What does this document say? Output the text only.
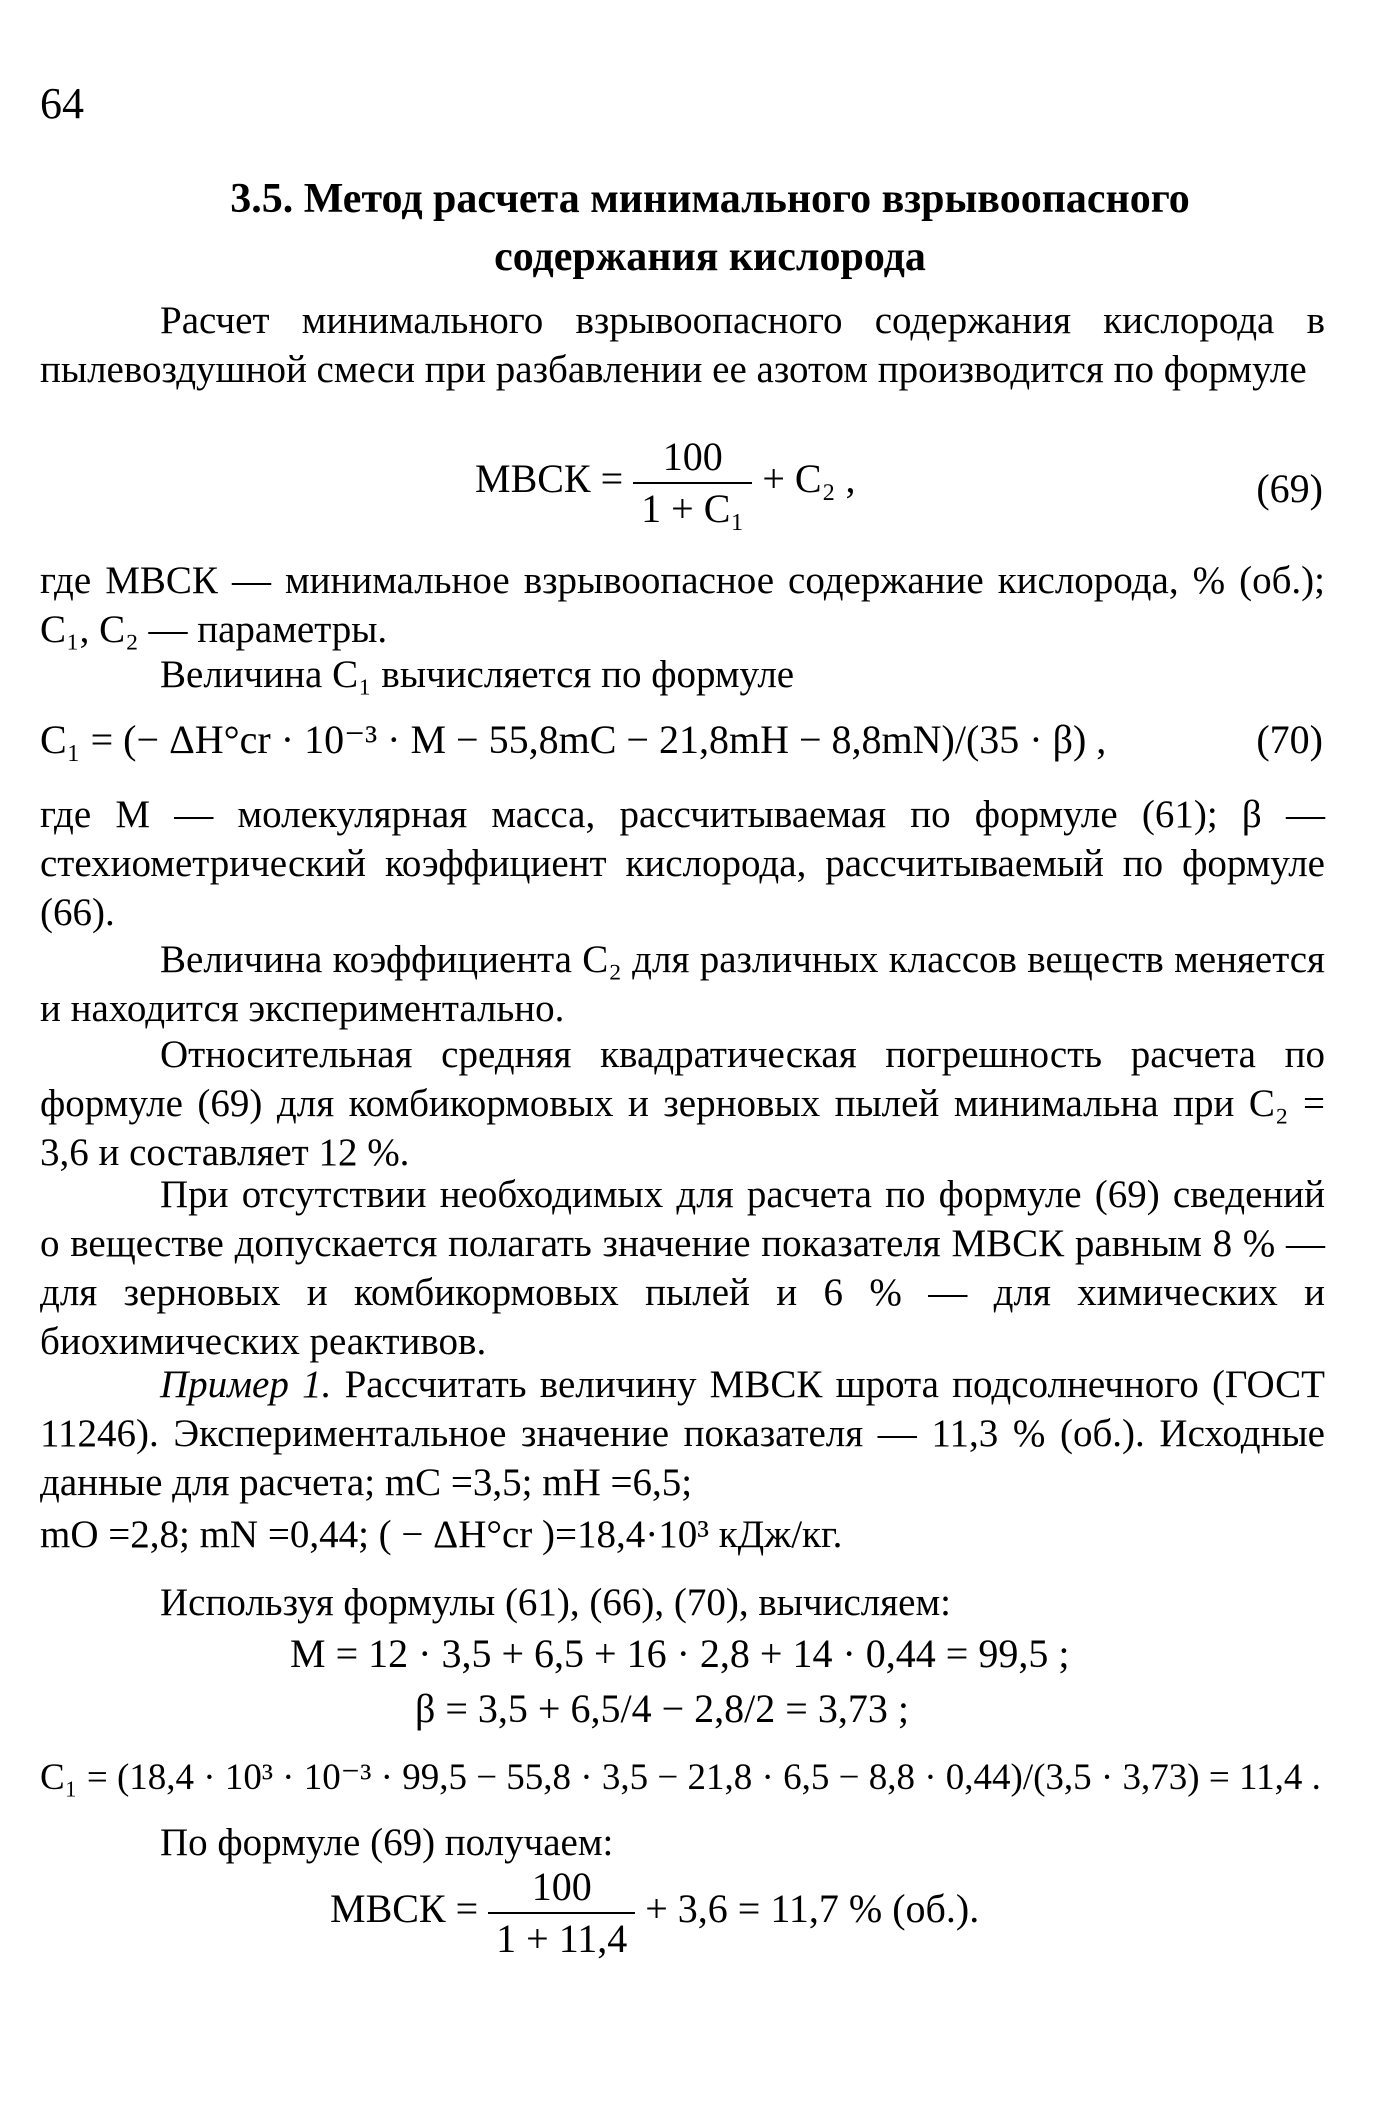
64
3.5. Метод расчета минимального взрывоопасного содержания кислорода
Расчет минимального взрывоопасного содержания кислорода в пылевоздушной смеси при разбавлении ее азотом производится по формуле
МВСК = $\frac{100}{\text{1 + C₁}} + C_2$ ,	(69)
где МВСК — минимальное взрывоопасное содержание кислорода, % (об.); C₁, C₂ — параметры.
Величина C₁ вычисляется по формуле
C₁ = (− ΔH°cr · 10⁻³ · M − 55,8mC − 21,8mH − 8,8mN)/(35 · β) ,	(70)
где М — молекулярная масса, рассчитываемая по формуле (61); β — стехиометрический коэффициент кислорода, рассчитываемый по формуле (66).
Величина коэффициента C₂ для различных классов веществ меняется и находится экспериментально.
Относительная средняя квадратическая погрешность расчета по формуле (69) для комбикормовых и зерновых пылей минимальна при C₂ = 3,6 и составляет 12 %.
При отсутствии необходимых для расчета по формуле (69) сведений о веществе допускается полагать значение показателя МВСК равным 8 % — для зерновых и комбикормовых пылей и 6 % — для химических и биохимических реактивов.
Пример 1. Рассчитать величину МВСК шрота подсолнечного (ГОСТ 11246). Экспериментальное значение показателя — 11,3 % (об.). Исходные данные для расчета; mC =3,5; mH =6,5;
mO =2,8; mN =0,44; ( − ΔH°cr )=18,4·10³ кДж/кг.
Используя формулы (61), (66), (70), вычисляем:
M = 12 · 3,5 + 6,5 + 16 · 2,8 + 14 · 0,44 = 99,5 ;
β = 3,5 + 6,5/4 − 2,8/2 = 3,73 ;
C₁ = (18,4 · 10³ · 10⁻³ · 99,5 − 55,8 · 3,5 − 21,8 · 6,5 − 8,8 · 0,44)/(3,5 · 3,73) = 11,4 .
По формуле (69) получаем:
МВСК = $\frac{100}{1 + 11,4} + 3,6 = 11,7$ % (об.).
